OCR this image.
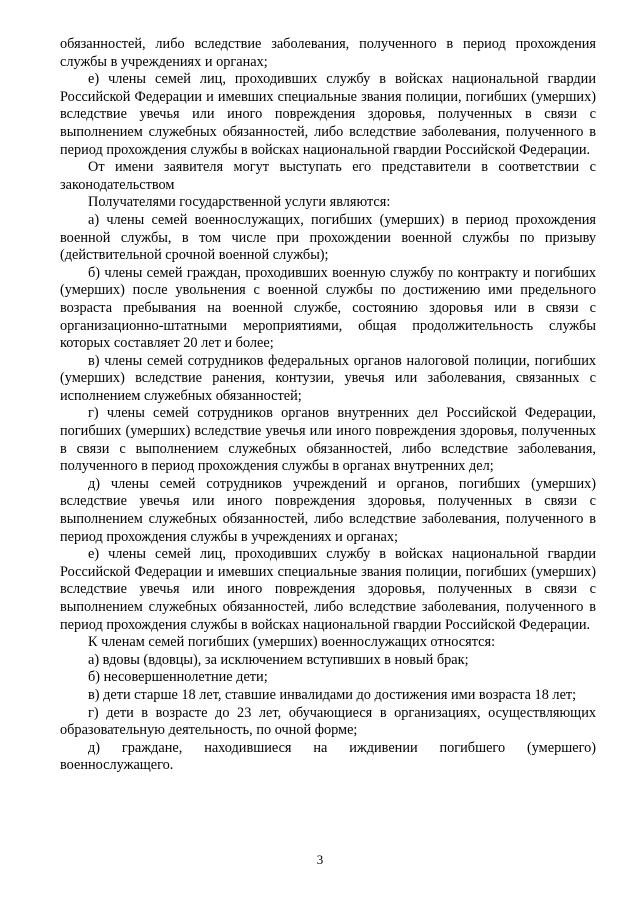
обязанностей, либо вследствие заболевания, полученного в период прохождения службы в учреждениях и органах;

е) члены семей лиц, проходивших службу в войсках национальной гвардии Российской Федерации и имевших специальные звания полиции, погибших (умерших) вследствие увечья или иного повреждения здоровья, полученных в связи с выполнением служебных обязанностей, либо вследствие заболевания, полученного в период прохождения службы в войсках национальной гвардии Российской Федерации.

От имени заявителя могут выступать его представители в соответствии с законодательством

Получателями государственной услуги являются:

а) члены семей военнослужащих, погибших (умерших) в период прохождения военной службы, в том числе при прохождении военной службы по призыву (действительной срочной военной службы);

б) члены семей граждан, проходивших военную службу по контракту и погибших (умерших) после увольнения с военной службы по достижению ими предельного возраста пребывания на военной службе, состоянию здоровья или в связи с организационно-штатными мероприятиями, общая продолжительность службы которых составляет 20 лет и более;

в) члены семей сотрудников федеральных органов налоговой полиции, погибших (умерших) вследствие ранения, контузии, увечья или заболевания, связанных с исполнением служебных обязанностей;

г) члены семей сотрудников органов внутренних дел Российской Федерации, погибших (умерших) вследствие увечья или иного повреждения здоровья, полученных в связи с выполнением служебных обязанностей, либо вследствие заболевания, полученного в период прохождения службы в органах внутренних дел;

д) члены семей сотрудников учреждений и органов, погибших (умерших) вследствие увечья или иного повреждения здоровья, полученных в связи с выполнением служебных обязанностей, либо вследствие заболевания, полученного в период прохождения службы в учреждениях и органах;

е) члены семей лиц, проходивших службу в войсках национальной гвардии Российской Федерации и имевших специальные звания полиции, погибших (умерших) вследствие увечья или иного повреждения здоровья, полученных в связи с выполнением служебных обязанностей, либо вследствие заболевания, полученного в период прохождения службы в войсках национальной гвардии Российской Федерации.

К членам семей погибших (умерших) военнослужащих относятся:

а) вдовы (вдовцы), за исключением вступивших в новый брак;

б) несовершеннолетние дети;

в) дети старше 18 лет, ставшие инвалидами до достижения ими возраста 18 лет;

г) дети в возрасте до 23 лет, обучающиеся в организациях, осуществляющих образовательную деятельность, по очной форме;

д) граждане, находившиеся на иждивении погибшего (умершего) военнослужащего.

3
